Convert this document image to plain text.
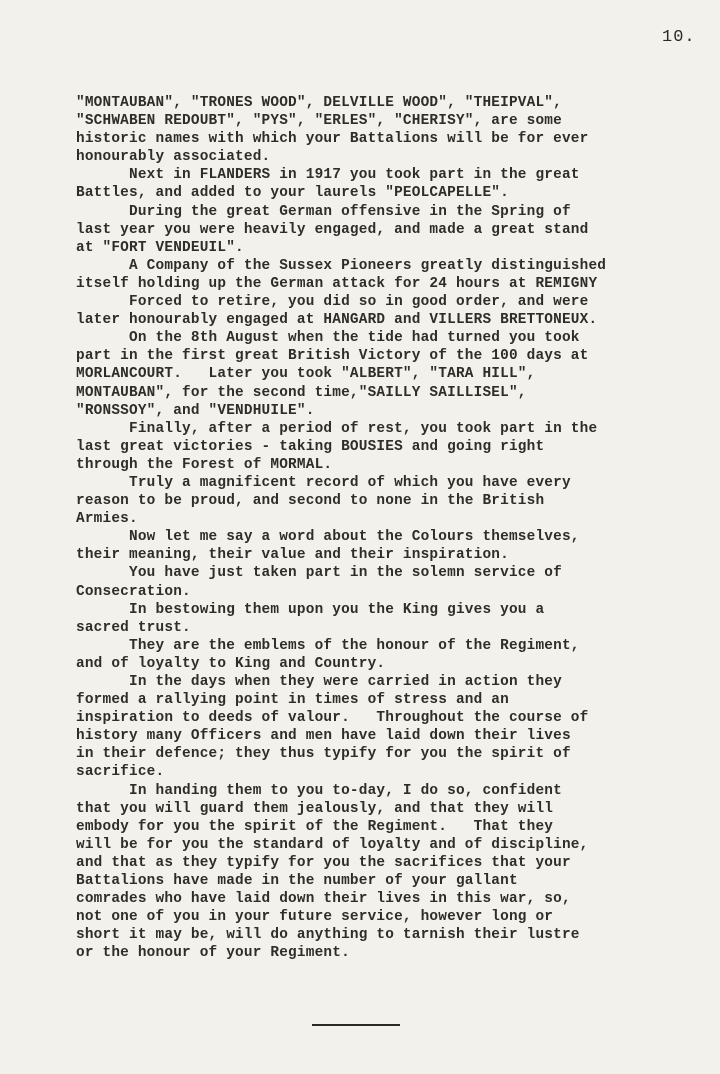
10.
"MONTAUBAN", "TRONES WOOD", DELVILLE WOOD", "THEIPVAL",
"SCHWABEN REDOUBT", "PYS", "ERLES", "CHERISY", are some
historic names with which your Battalions will be for ever
honourably associated.
Next in FLANDERS in 1917 you took part in the great
Battles, and added to your laurels "PEOLCAPELLE".
During the great German offensive in the Spring of
last year you were heavily engaged, and made a great stand
at "FORT VENDEUIL".
A Company of the Sussex Pioneers greatly distinguished
itself holding up the German attack for 24 hours at REMIGNY
Forced to retire, you did so in good order, and were
later honourably engaged at HANGARD and VILLERS BRETTONEUX.
On the 8th August when the tide had turned you took
part in the first great British Victory of the 100 days at
MORLANCOURT.   Later you took "ALBERT", "TARA HILL",
MONTAUBAN", for the second time,"SAILLY SAILLISEL",
"RONSSOY", and "VENDHUILE".
Finally, after a period of rest, you took part in the
last great victories - taking BOUSIES and going right
through the Forest of MORMAL.
Truly a magnificent record of which you have every
reason to be proud, and second to none in the British
Armies.
Now let me say a word about the Colours themselves,
their meaning, their value and their inspiration.
You have just taken part in the solemn service of
Consecration.
In bestowing them upon you the King gives you a
sacred trust.
They are the emblems of the honour of the Regiment,
and of loyalty to King and Country.
In the days when they were carried in action they
formed a rallying point in times of stress and an
inspiration to deeds of valour.   Throughout the course of
history many Officers and men have laid down their lives
in their defence; they thus typify for you the spirit of
sacrifice.
In handing them to you to-day, I do so, confident
that you will guard them jealously, and that they will
embody for you the spirit of the Regiment.   That they
will be for you the standard of loyalty and of discipline,
and that as they typify for you the sacrifices that your
Battalions have made in the number of your gallant
comrades who have laid down their lives in this war, so,
not one of you in your future service, however long or
short it may be, will do anything to tarnish their lustre
or the honour of your Regiment.
